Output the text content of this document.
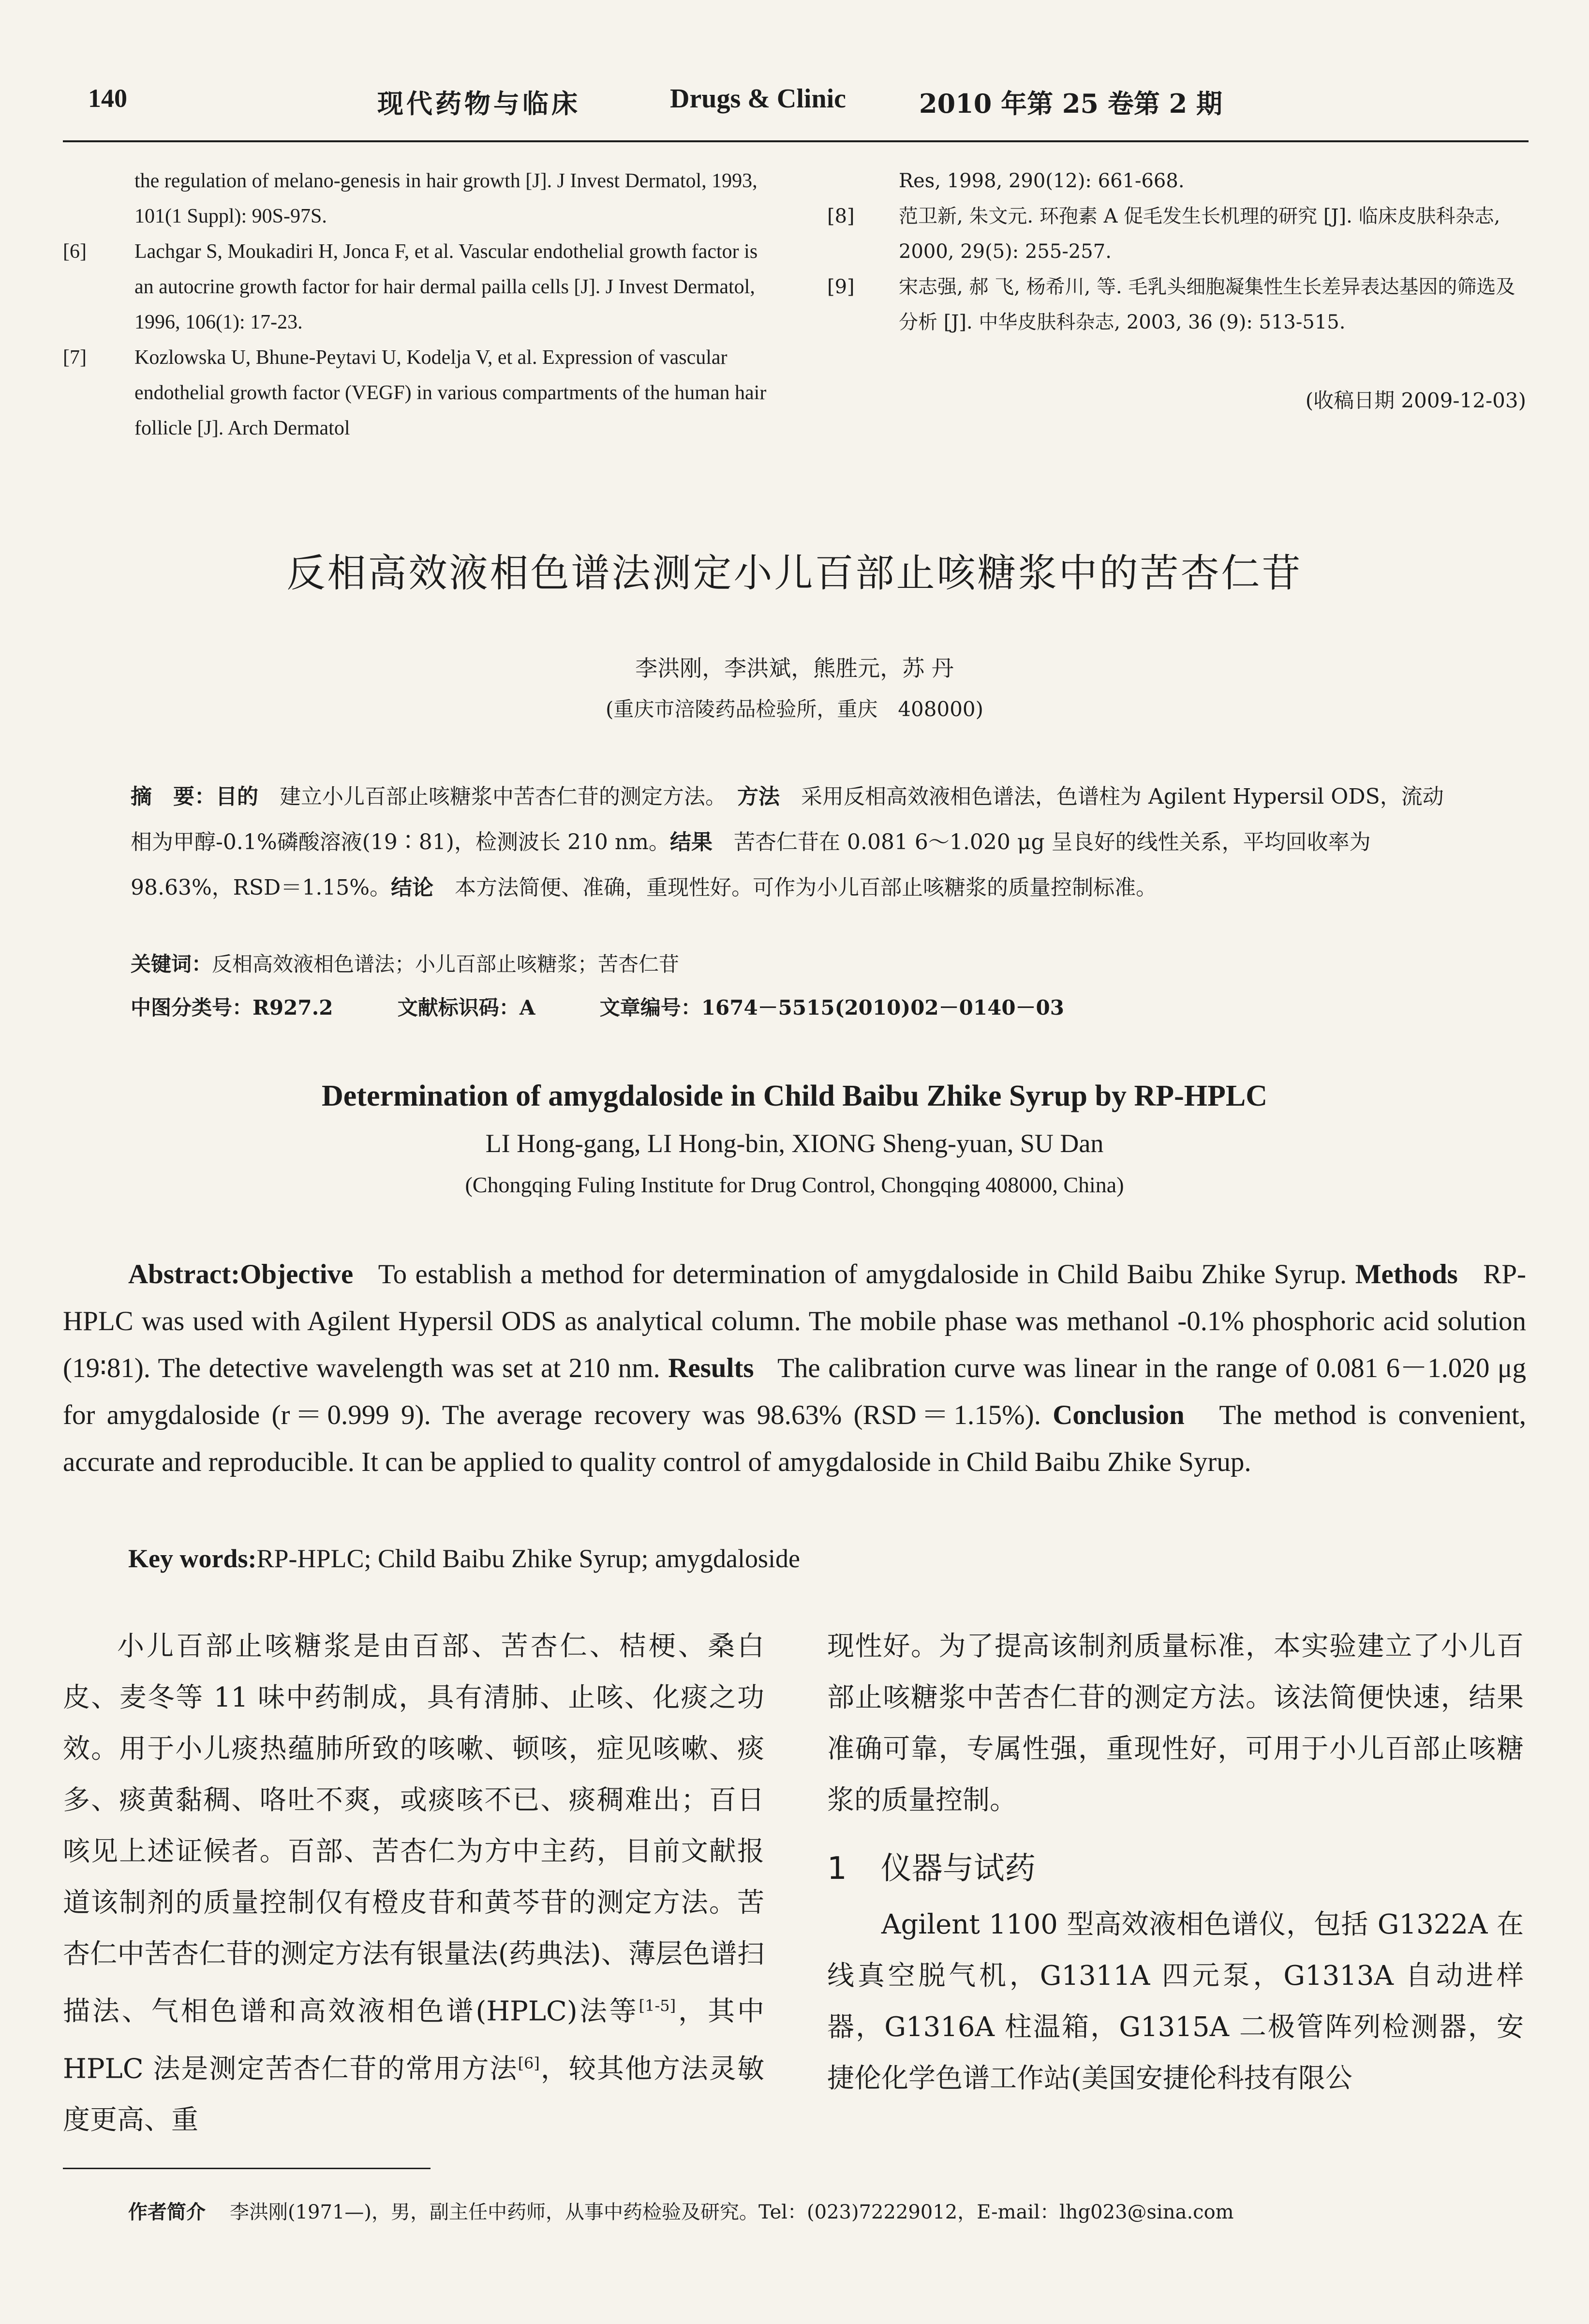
140	现代药物与临床	Drugs & Clinic	2010 年第 25 卷第 2 期
the regulation of melano-genesis in hair growth [J]. J Invest Dermatol, 1993, 101(1 Suppl): 90S-97S.
[6] Lachgar S, Moukadiri H, Jonca F, et al. Vascular endothelial growth factor is an autocrine growth factor for hair dermal pailla cells [J]. J Invest Dermatol, 1996, 106(1): 17-23.
[7] Kozlowska U, Bhune-Peytavi U, Kodelja V, et al. Expression of vascular endothelial growth factor (VEGF) in various compartments of the human hair follicle [J]. Arch Dermatol
Res, 1998, 290(12): 661-668.
[8] 范卫新, 朱文元. 环孢素 A 促毛发生长机理的研究 [J]. 临床皮肤科杂志, 2000, 29(5): 255-257.
[9] 宋志强, 郝 飞, 杨希川, 等. 毛乳头细胞凝集性生长差异表达基因的筛选及分析 [J]. 中华皮肤科杂志, 2003, 36 (9): 513-515.
(收稿日期 2009-12-03)
反相高效液相色谱法测定小儿百部止咳糖浆中的苦杏仁苷
李洪刚，李洪斌，熊胜元，苏 丹
(重庆市涪陵药品检验所，重庆　408000)
摘　要：目的　 建立小儿百部止咳糖浆中苦杏仁苷的测定方法。　 方法　 采用反相高效液相色谱法，色谱柱为 Agilent Hypersil ODS，流动相为甲醇-0.1%磷酸溶液(19∶81)，检测波长 210 nm。结果　 苦杏仁苷在 0.081 6～1.020 μg 呈良好的线性关系，平均回收率为 98.63%，RSD＝1.15%。结论　 本方法简便、准确，重现性好。可作为小儿百部止咳糖浆的质量控制标准。
关键词：反相高效液相色谱法；小儿百部止咳糖浆；苦杏仁苷
中图分类号：R927.2	文献标识码：A	文章编号：1674－5515(2010)02－0140－03
Determination of amygdaloside in Child Baibu Zhike Syrup by RP-HPLC
LI Hong-gang, LI Hong-bin, XIONG Sheng-yuan, SU Dan
(Chongqing Fuling Institute for Drug Control, Chongqing 408000, China)
Abstract:Objective To establish a method for determination of amygdaloside in Child Baibu Zhike Syrup. Methods RP-HPLC was used with Agilent Hypersil ODS as analytical column. The mobile phase was methanol -0.1% phosphoric acid solution (19∶81). The detective wavelength was set at 210 nm. Results The calibration curve was linear in the range of 0.081 6－1.020 μg for amygdaloside (r＝0.999 9). The average recovery was 98.63% (RSD＝1.15%). Conclusion The method is convenient, accurate and reproducible. It can be applied to quality control of amygdaloside in Child Baibu Zhike Syrup.
Key words:RP-HPLC; Child Baibu Zhike Syrup; amygdaloside
小儿百部止咳糖浆是由百部、苦杏仁、桔梗、桑白皮、麦冬等 11 味中药制成，具有清肺、止咳、化痰之功效。用于小儿痰热蕴肺所致的咳嗽、顿咳，症见咳嗽、痰多、痰黄黏稠、咯吐不爽，或痰咳不已、痰稠难出；百日咳见上述证候者。百部、苦杏仁为方中主药，目前文献报道该制剂的质量控制仅有橙皮苷和黄芩苷的测定方法。苦杏仁中苦杏仁苷的测定方法有银量法(药典法)、薄层色谱扫描法、气相色谱和高效液相色谱(HPLC)法等[1-5]，其中 HPLC 法是测定苦杏仁苷的常用方法[6]，较其他方法灵敏度更高、重
现性好。为了提高该制剂质量标准，本实验建立了小儿百部止咳糖浆中苦杏仁苷的测定方法。该法简便快速，结果准确可靠，专属性强，重现性好，可用于小儿百部止咳糖浆的质量控制。
1 仪器与试药
Agilent 1100 型高效液相色谱仪，包括 G1322A 在线真空脱气机，G1311A 四元泵，G1313A 自动进样器，G1316A 柱温箱，G1315A 二极管阵列检测器，安捷伦化学色谱工作站(美国安捷伦科技有限公
作者简介 李洪刚(1971—)，男，副主任中药师，从事中药检验及研究。Tel：(023)72229012，E-mail：lhg023@sina.com
